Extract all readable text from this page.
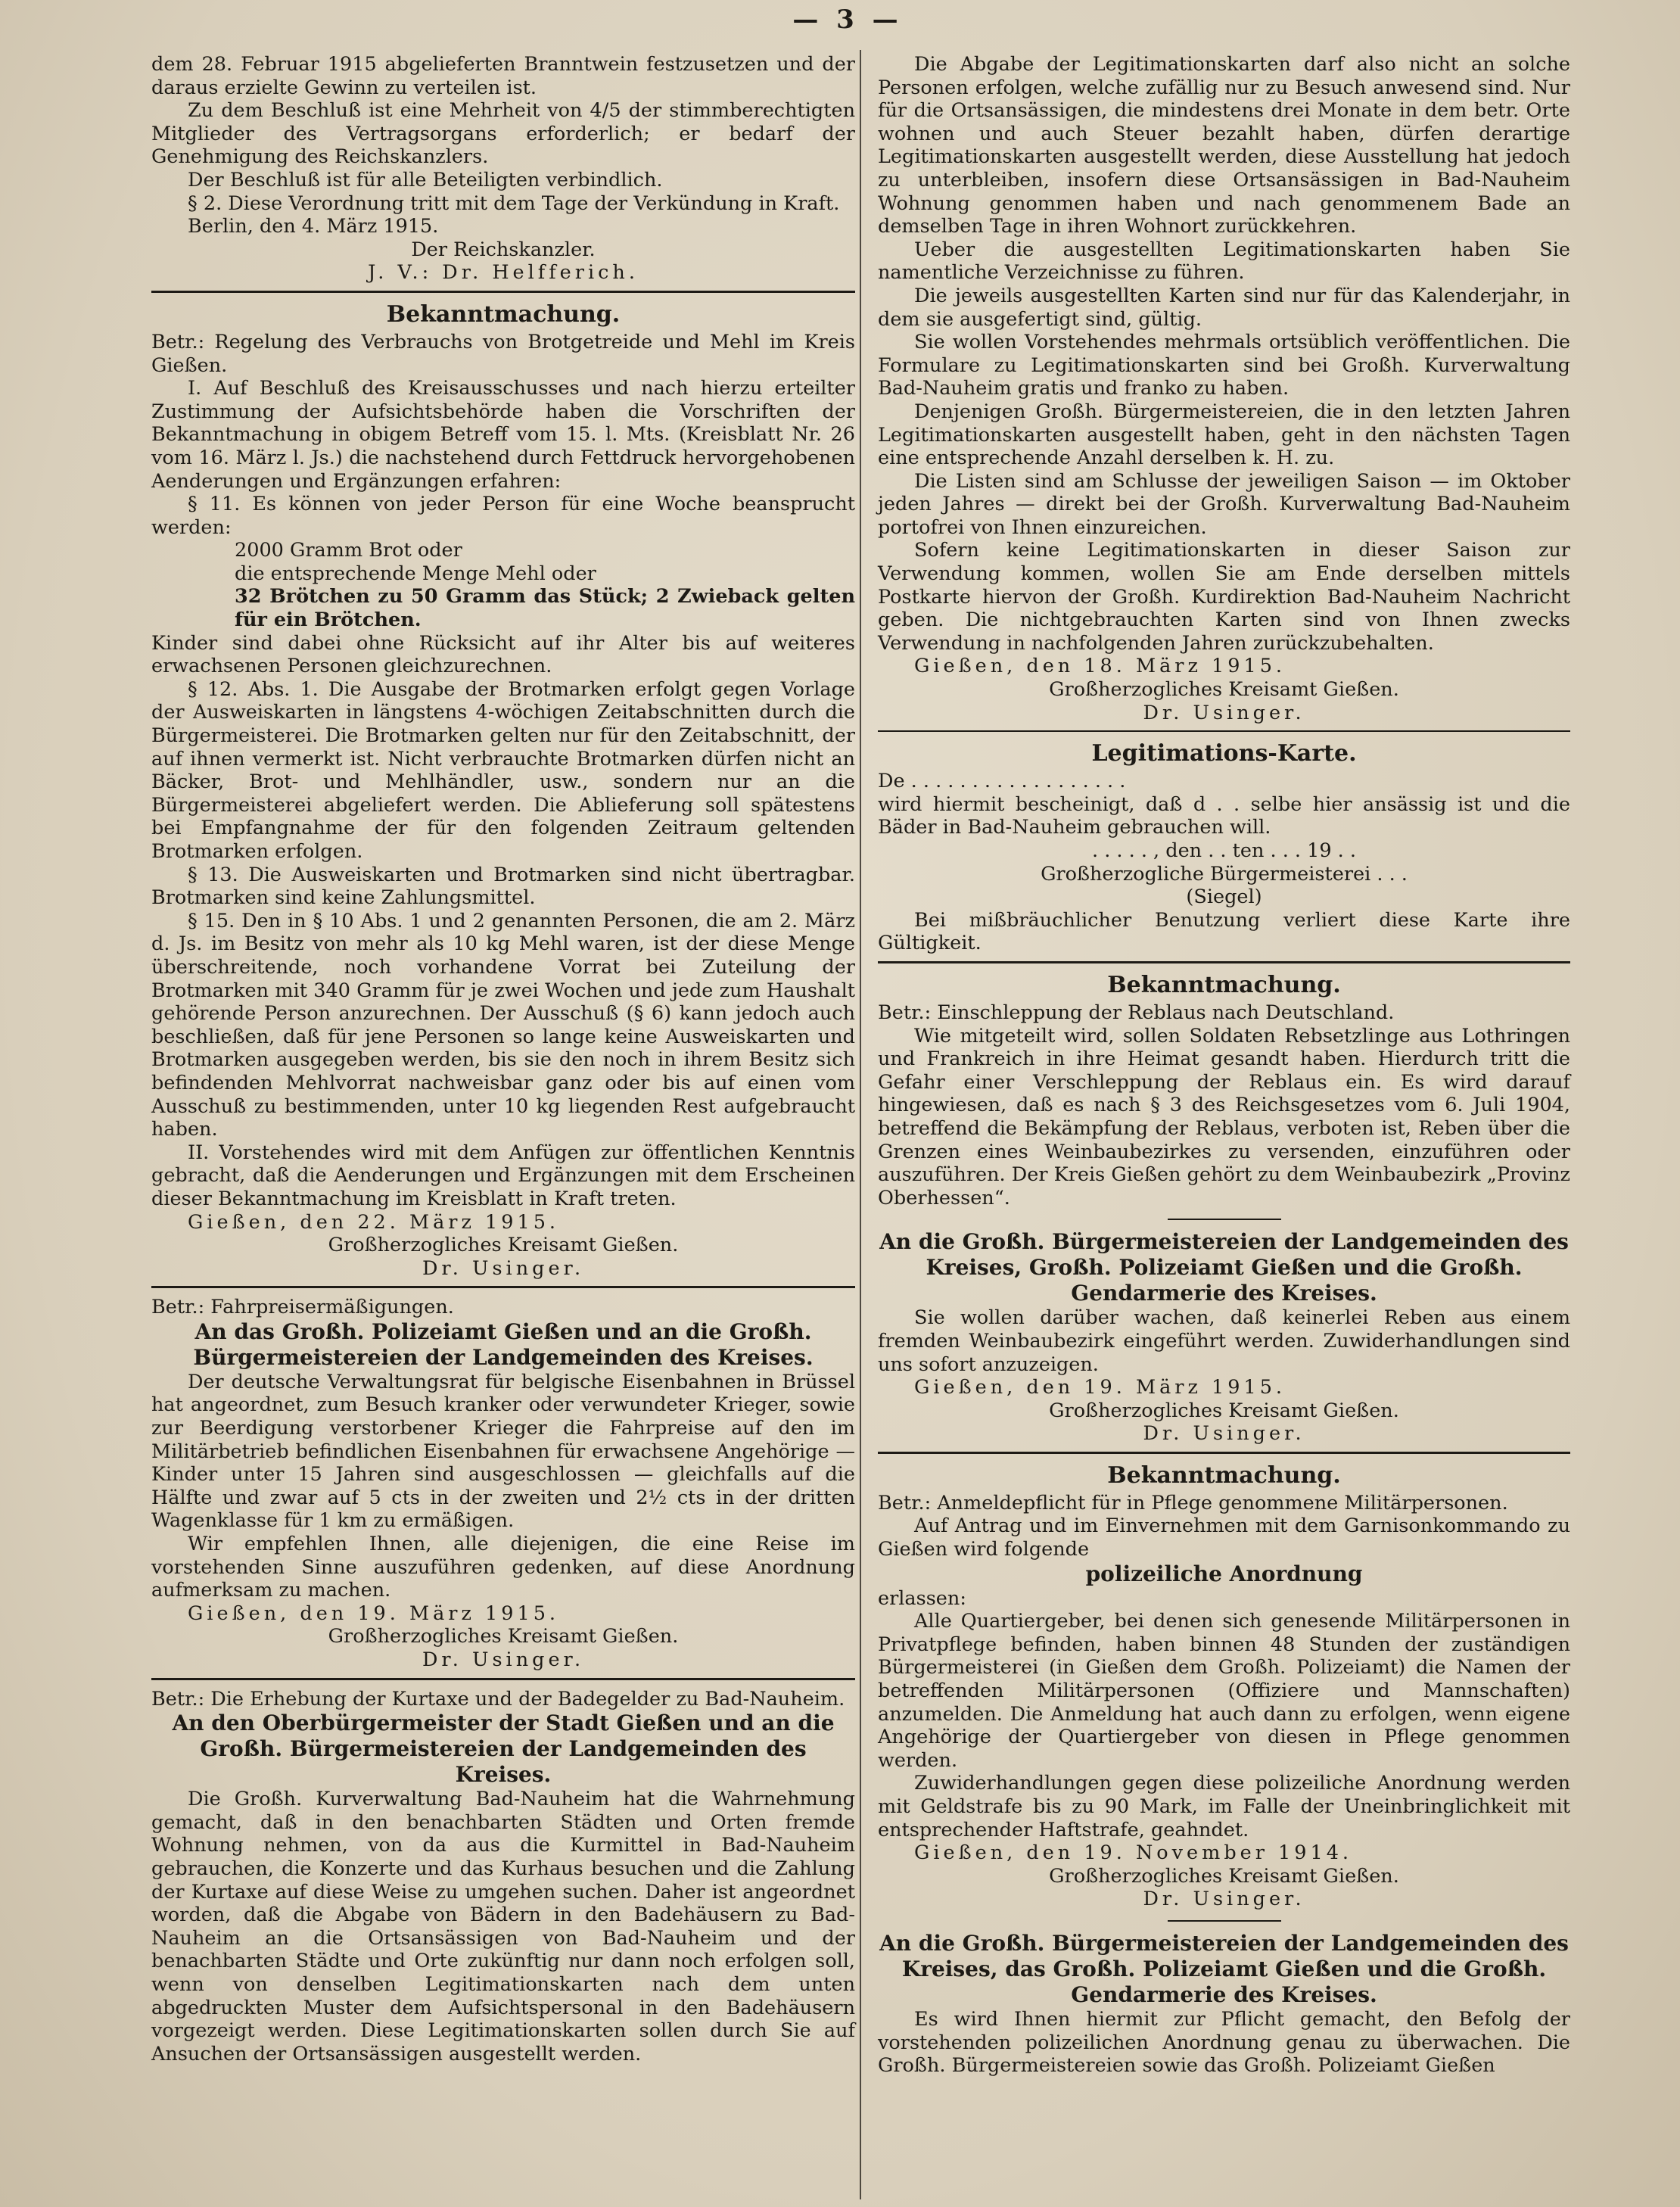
— 3 —

dem 28. Februar 1915 abgelieferten Branntwein festzusetzen und der daraus erzielte Gewinn zu verteilen ist.

Zu dem Beschluß ist eine Mehrheit von 4/5 der stimmberechtigten Mitglieder des Vertragsorgans erforderlich; er bedarf der Genehmigung des Reichskanzlers.

Der Beschluß ist für alle Beteiligten verbindlich.

§ 2. Diese Verordnung tritt mit dem Tage der Verkündung in Kraft.

Berlin, den 4. März 1915.

Der Reichskanzler.

J. V.: Dr. Helfferich.

Bekanntmachung.

Betr.: Regelung des Verbrauchs von Brotgetreide und Mehl im Kreis Gießen.

I. Auf Beschluß des Kreisausschusses und nach hierzu erteilter Zustimmung der Aufsichtsbehörde haben die Vorschriften der Bekanntmachung in obigem Betreff vom 15. l. Mts. (Kreisblatt Nr. 26 vom 16. März l. Js.) die nachstehend durch Fettdruck hervorgehobenen Aenderungen und Ergänzungen erfahren:

§ 11. Es können von jeder Person für eine Woche beansprucht werden:

2000 Gramm Brot oder

die entsprechende Menge Mehl oder

32 Brötchen zu 50 Gramm das Stück; 2 Zwieback gelten für ein Brötchen.

Kinder sind dabei ohne Rücksicht auf ihr Alter bis auf weiteres erwachsenen Personen gleichzurechnen.

§ 12. Abs. 1. Die Ausgabe der Brotmarken erfolgt gegen Vorlage der Ausweiskarten in längstens 4-wöchigen Zeitabschnitten durch die Bürgermeisterei. Die Brotmarken gelten nur für den Zeitabschnitt, der auf ihnen vermerkt ist. Nicht verbrauchte Brotmarken dürfen nicht an Bäcker, Brot- und Mehlhändler, usw., sondern nur an die Bürgermeisterei abgeliefert werden. Die Ablieferung soll spätestens bei Empfangnahme der für den folgenden Zeitraum geltenden Brotmarken erfolgen.

§ 13. Die Ausweiskarten und Brotmarken sind nicht übertragbar. Brotmarken sind keine Zahlungsmittel.

§ 15. Den in § 10 Abs. 1 und 2 genannten Personen, die am 2. März d. Js. im Besitz von mehr als 10 kg Mehl waren, ist der diese Menge überschreitende, noch vorhandene Vorrat bei Zuteilung der Brotmarken mit 340 Gramm für je zwei Wochen und jede zum Haushalt gehörende Person anzurechnen. Der Ausschuß (§ 6) kann jedoch auch beschließen, daß für jene Personen so lange keine Ausweiskarten und Brotmarken ausgegeben werden, bis sie den noch in ihrem Besitz sich befindenden Mehlvorrat nachweisbar ganz oder bis auf einen vom Ausschuß zu bestimmenden, unter 10 kg liegenden Rest aufgebraucht haben.

II. Vorstehendes wird mit dem Anfügen zur öffentlichen Kenntnis gebracht, daß die Aenderungen und Ergänzungen mit dem Erscheinen dieser Bekanntmachung im Kreisblatt in Kraft treten.

Gießen, den 22. März 1915.

Großherzogliches Kreisamt Gießen.

Dr. Usinger.

Betr.: Fahrpreisermäßigungen.

An das Großh. Polizeiamt Gießen und an die Großh. Bürgermeistereien der Landgemeinden des Kreises.

Der deutsche Verwaltungsrat für belgische Eisenbahnen in Brüssel hat angeordnet, zum Besuch kranker oder verwundeter Krieger, sowie zur Beerdigung verstorbener Krieger die Fahrpreise auf den im Militärbetrieb befindlichen Eisenbahnen für erwachsene Angehörige — Kinder unter 15 Jahren sind ausgeschlossen — gleichfalls auf die Hälfte und zwar auf 5 cts in der zweiten und 2½ cts in der dritten Wagenklasse für 1 km zu ermäßigen.

Wir empfehlen Ihnen, alle diejenigen, die eine Reise im vorstehenden Sinne auszuführen gedenken, auf diese Anordnung aufmerksam zu machen.

Gießen, den 19. März 1915.

Großherzogliches Kreisamt Gießen.

Dr. Usinger.

Betr.: Die Erhebung der Kurtaxe und der Badegelder zu Bad-Nauheim.

An den Oberbürgermeister der Stadt Gießen und an die Großh. Bürgermeistereien der Landgemeinden des Kreises.

Die Großh. Kurverwaltung Bad-Nauheim hat die Wahrnehmung gemacht, daß in den benachbarten Städten und Orten fremde Wohnung nehmen, von da aus die Kurmittel in Bad-Nauheim gebrauchen, die Konzerte und das Kurhaus besuchen und die Zahlung der Kurtaxe auf diese Weise zu umgehen suchen. Daher ist angeordnet worden, daß die Abgabe von Bädern in den Badehäusern zu Bad-Nauheim an die Ortsansässigen von Bad-Nauheim und der benachbarten Städte und Orte zukünftig nur dann noch erfolgen soll, wenn von denselben Legitimationskarten nach dem unten abgedruckten Muster dem Aufsichtspersonal in den Badehäusern vorgezeigt werden. Diese Legitimationskarten sollen durch Sie auf Ansuchen der Ortsansässigen ausgestellt werden.

Die Abgabe der Legitimationskarten darf also nicht an solche Personen erfolgen, welche zufällig nur zu Besuch anwesend sind. Nur für die Ortsansässigen, die mindestens drei Monate in dem betr. Orte wohnen und auch Steuer bezahlt haben, dürfen derartige Legitimationskarten ausgestellt werden, diese Ausstellung hat jedoch zu unterbleiben, insofern diese Ortsansässigen in Bad-Nauheim Wohnung genommen haben und nach genommenem Bade an demselben Tage in ihren Wohnort zurückkehren.

Ueber die ausgestellten Legitimationskarten haben Sie namentliche Verzeichnisse zu führen.

Die jeweils ausgestellten Karten sind nur für das Kalenderjahr, in dem sie ausgefertigt sind, gültig.

Sie wollen Vorstehendes mehrmals ortsüblich veröffentlichen. Die Formulare zu Legitimationskarten sind bei Großh. Kurverwaltung Bad-Nauheim gratis und franko zu haben.

Denjenigen Großh. Bürgermeistereien, die in den letzten Jahren Legitimationskarten ausgestellt haben, geht in den nächsten Tagen eine entsprechende Anzahl derselben k. H. zu.

Die Listen sind am Schlusse der jeweiligen Saison — im Oktober jeden Jahres — direkt bei der Großh. Kurverwaltung Bad-Nauheim portofrei von Ihnen einzureichen.

Sofern keine Legitimationskarten in dieser Saison zur Verwendung kommen, wollen Sie am Ende derselben mittels Postkarte hiervon der Großh. Kurdirektion Bad-Nauheim Nachricht geben. Die nichtgebrauchten Karten sind von Ihnen zwecks Verwendung in nachfolgenden Jahren zurückzubehalten.

Gießen, den 18. März 1915.

Großherzogliches Kreisamt Gießen.

Dr. Usinger.

Legitimations-Karte.

De . . . . . . . . . . . . . . . . . .

wird hiermit bescheinigt, daß d . . selbe hier ansässig ist und die Bäder in Bad-Nauheim gebrauchen will.

. . . . . , den . . ten . . . 19 . .

Großherzogliche Bürgermeisterei . . .

(Siegel)

Bei mißbräuchlicher Benutzung verliert diese Karte ihre Gültigkeit.

Bekanntmachung.

Betr.: Einschleppung der Reblaus nach Deutschland.

Wie mitgeteilt wird, sollen Soldaten Rebsetzlinge aus Lothringen und Frankreich in ihre Heimat gesandt haben. Hierdurch tritt die Gefahr einer Verschleppung der Reblaus ein. Es wird darauf hingewiesen, daß es nach § 3 des Reichsgesetzes vom 6. Juli 1904, betreffend die Bekämpfung der Reblaus, verboten ist, Reben über die Grenzen eines Weinbaubezirkes zu versenden, einzuführen oder auszuführen. Der Kreis Gießen gehört zu dem Weinbaubezirk „Provinz Oberhessen“.

An die Großh. Bürgermeistereien der Landgemeinden des Kreises, Großh. Polizeiamt Gießen und die Großh. Gendarmerie des Kreises.

Sie wollen darüber wachen, daß keinerlei Reben aus einem fremden Weinbaubezirk eingeführt werden. Zuwiderhandlungen sind uns sofort anzuzeigen.

Gießen, den 19. März 1915.

Großherzogliches Kreisamt Gießen.

Dr. Usinger.

Bekanntmachung.

Betr.: Anmeldepflicht für in Pflege genommene Militärpersonen.

Auf Antrag und im Einvernehmen mit dem Garnisonkommando zu Gießen wird folgende

polizeiliche Anordnung

erlassen:

Alle Quartiergeber, bei denen sich genesende Militärpersonen in Privatpflege befinden, haben binnen 48 Stunden der zuständigen Bürgermeisterei (in Gießen dem Großh. Polizeiamt) die Namen der betreffenden Militärpersonen (Offiziere und Mannschaften) anzumelden. Die Anmeldung hat auch dann zu erfolgen, wenn eigene Angehörige der Quartiergeber von diesen in Pflege genommen werden.

Zuwiderhandlungen gegen diese polizeiliche Anordnung werden mit Geldstrafe bis zu 90 Mark, im Falle der Uneinbringlichkeit mit entsprechender Haftstrafe, geahndet.

Gießen, den 19. November 1914.

Großherzogliches Kreisamt Gießen.

Dr. Usinger.

An die Großh. Bürgermeistereien der Landgemeinden des Kreises, das Großh. Polizeiamt Gießen und die Großh. Gendarmerie des Kreises.

Es wird Ihnen hiermit zur Pflicht gemacht, den Befolg der vorstehenden polizeilichen Anordnung genau zu überwachen. Die Großh. Bürgermeistereien sowie das Großh. Polizeiamt Gießen
